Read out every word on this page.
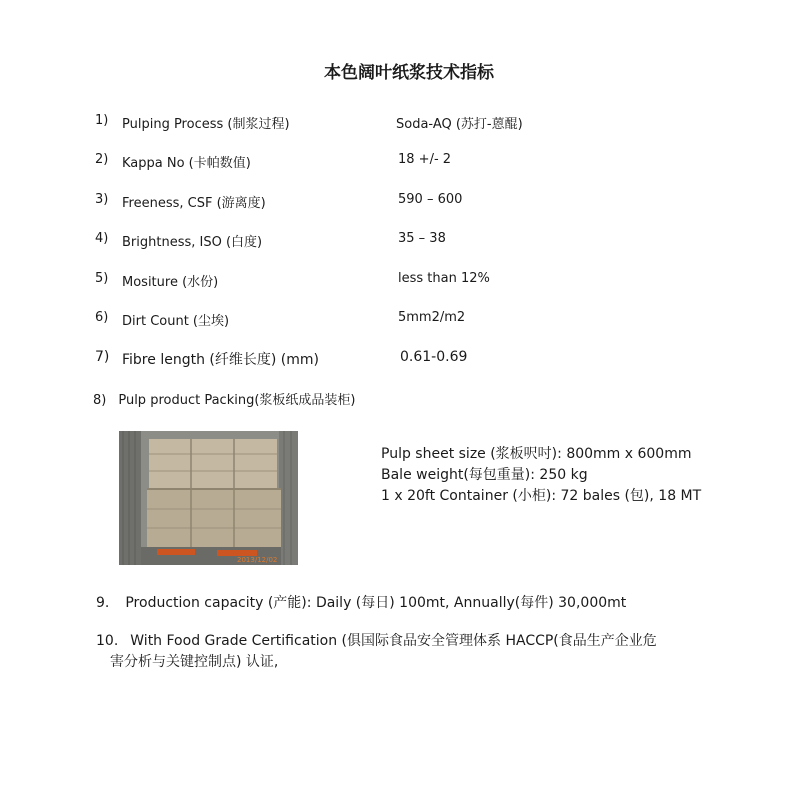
本色阔叶纸浆技术指标
1) Pulping Process (制浆过程)	Soda-AQ (苏打-蒽醌)
2) Kappa No (卡帕数值)	18 +/- 2
3) Freeness, CSF (游离度)	590 – 600
4) Brightness, ISO (白度)	35 – 38
5) Mositure (水份)	less than 12%
6) Dirt Count (尘埃)	5mm2/m2
7) Fibre length (纤维长度) (mm)	0.61-0.69
8) Pulp product Packing(浆板纸成品装柜)
2013/12/02
Pulp sheet size (浆板呎吋): 800mm x 600mm
Bale weight(每包重量): 250 kg
1 x 20ft Container (小柜): 72 bales (包), 18 MT
9. Production capacity (产能): Daily (每日) 100mt, Annually(每件) 30,000mt
10. With Food Grade Certification (俱国际食品安全管理体系 HACCP(食品生产企业危
害分析与关键控制点) 认证,
